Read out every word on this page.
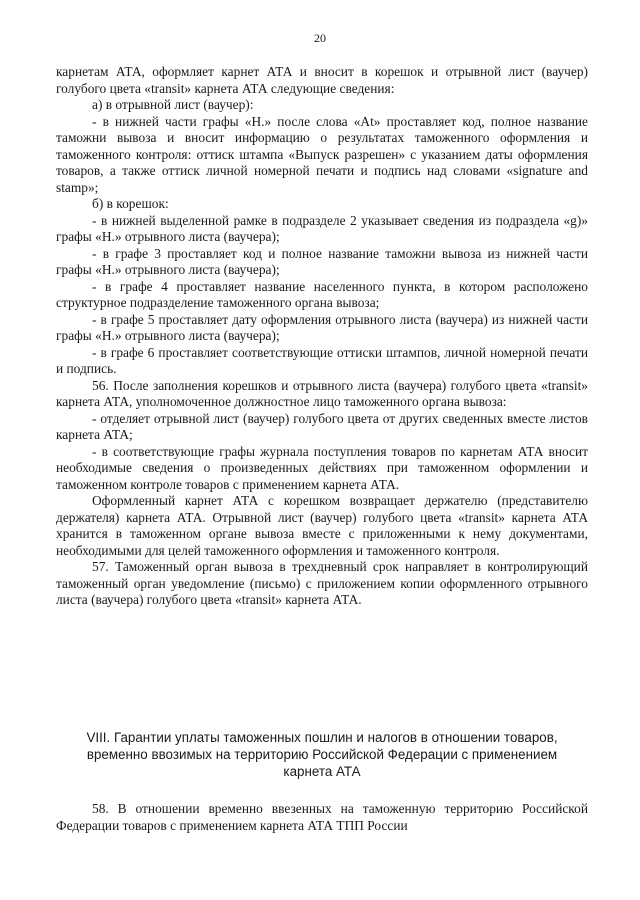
20

карнетам АТА, оформляет карнет АТА и вносит в корешок и отрывной лист (ваучер) голубого цвета «transit» карнета АТА следующие сведения:

а) в отрывной лист (ваучер):

- в нижней части графы «Н.» после слова «At» проставляет код, полное название таможни вывоза и вносит информацию о результатах таможенного оформления и таможенного контроля: оттиск штампа «Выпуск разрешен» с указанием даты оформления товаров, а также оттиск личной номерной печати и подпись над словами «signature and stamp»;

б) в корешок:

- в нижней выделенной рамке в подразделе 2 указывает сведения из подраздела «g)» графы «Н.» отрывного листа (ваучера);

- в графе 3 проставляет код и полное название таможни вывоза из нижней части графы «Н.» отрывного листа (ваучера);

- в графе 4 проставляет название населенного пункта, в котором расположено структурное подразделение таможенного органа вывоза;

- в графе 5 проставляет дату оформления отрывного листа (ваучера) из нижней части графы «Н.» отрывного листа (ваучера);

- в графе 6 проставляет соответствующие оттиски штампов, личной номерной печати и подпись.

56. После заполнения корешков и отрывного листа (ваучера) голубого цвета «transit» карнета АТА, уполномоченное должностное лицо таможенного органа вывоза:

- отделяет отрывной лист (ваучер) голубого цвета от других сведенных вместе листов карнета АТА;

- в соответствующие графы журнала поступления товаров по карнетам АТА вносит необходимые сведения о произведенных действиях при таможенном оформлении и таможенном контроле товаров с применением карнета АТА.

Оформленный карнет АТА с корешком возвращает держателю (представителю держателя) карнета АТА. Отрывной лист (ваучер) голубого цвета «transit» карнета АТА хранится в таможенном органе вывоза вместе с приложенными к нему документами, необходимыми для целей таможенного оформления и таможенного контроля.

57. Таможенный орган вывоза в трехдневный срок направляет в контролирующий таможенный орган уведомление (письмо) с приложением копии оформленного отрывного листа (ваучера) голубого цвета «transit» карнета АТА.

VIII. Гарантии уплаты таможенных пошлин и налогов в отношении товаров,
временно ввозимых на территорию Российской Федерации с применением
карнета АТА

58. В отношении временно ввезенных на таможенную территорию Российской Федерации товаров с применением карнета АТА ТПП России
